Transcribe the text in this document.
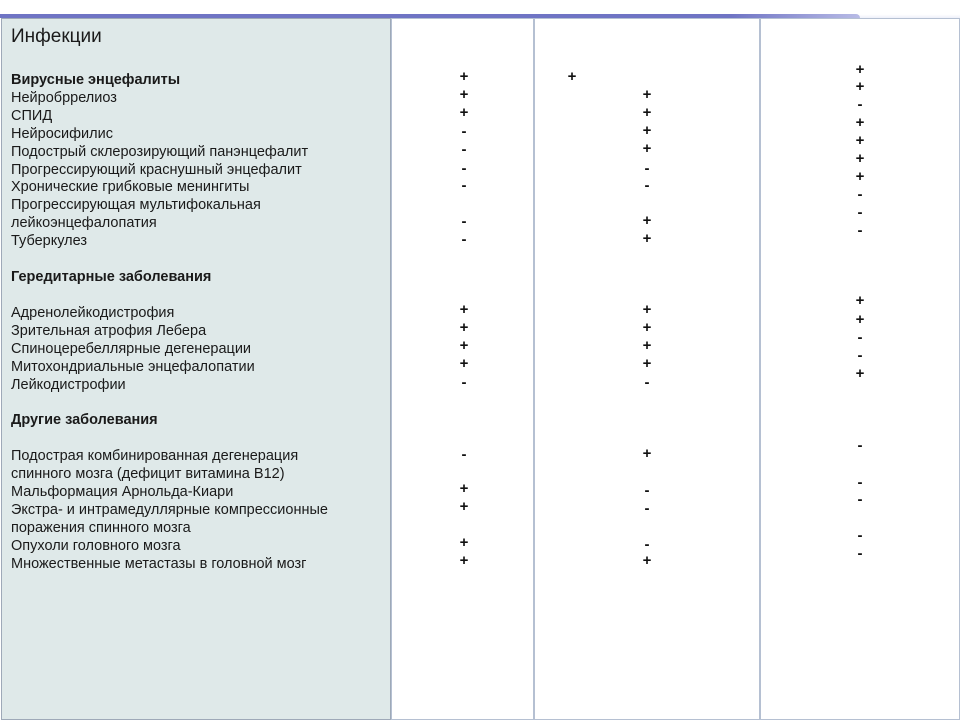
Инфекции
Вирусные энцефалиты
Нейробррелиоз
СПИД
Нейросифилис
Подострый склерозирующий панэнцефалит
Прогрессирующий краснушный энцефалит
Хронические грибковые менингиты
Прогрессирующая мультифокальная
лейкоэнцефалопатия
Туберкулез
Гередитарные заболевания
Адренолейкодистрофия
Зрительная атрофия Лебера
Спиноцеребеллярные дегенерации
Митохондриальные энцефалопатии
Лейкодистрофии
Другие заболевания
Подострая комбинированная дегенерация
спинного мозга (дефицит витамина В12)
Мальформация Арнольда-Киари
Экстра- и интрамедуллярные компрессионные
поражения спинного мозга
Опухоли головного мозга
Множественные метастазы в головной мозг
+
+
+
-
-
-
-
-
-
+
+
+
+
-
-
+
+
+
+
+
+
+
+
+
-
-
+
+
+
+
+
+
-
+
-
-
-
+
+
+
-
+
+
+
+
-
-
-
+
+
-
-
+
-
-
-
-
-
